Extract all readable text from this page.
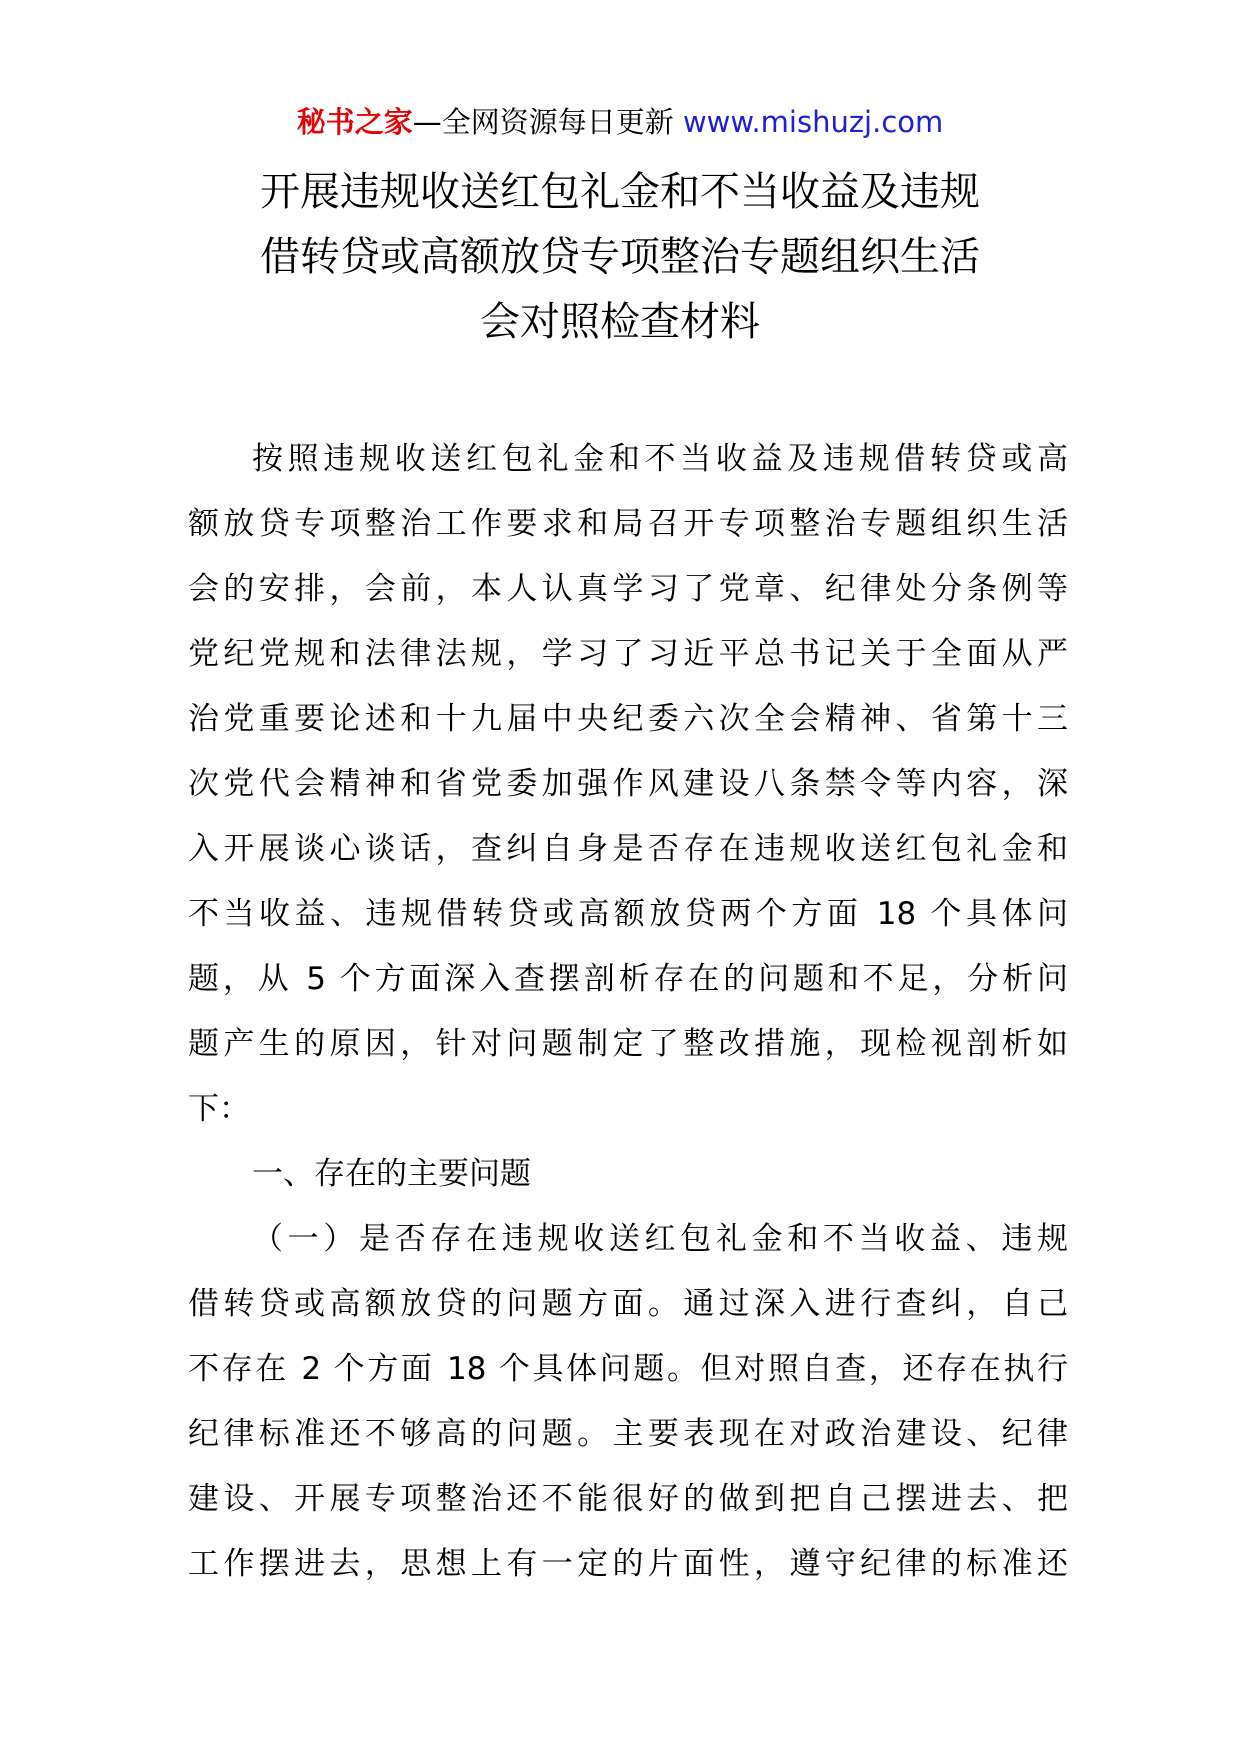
秘书之家—全网资源每日更新 www.mishuzj.com
开展违规收送红包礼金和不当收益及违规
借转贷或高额放贷专项整治专题组织生活
会对照检查材料
按照违规收送红包礼金和不当收益及违规借转贷或高
额放贷专项整治工作要求和局召开专项整治专题组织生活
会的安排，会前，本人认真学习了党章、纪律处分条例等
党纪党规和法律法规，学习了习近平总书记关于全面从严
治党重要论述和十九届中央纪委六次全会精神、省第十三
次党代会精神和省党委加强作风建设八条禁令等内容，深
入开展谈心谈话，查纠自身是否存在违规收送红包礼金和
不当收益、违规借转贷或高额放贷两个方面 18 个具体问
题，从 5 个方面深入查摆剖析存在的问题和不足，分析问
题产生的原因，针对问题制定了整改措施，现检视剖析如
下：
一、存在的主要问题
（一）是否存在违规收送红包礼金和不当收益、违规
借转贷或高额放贷的问题方面。通过深入进行查纠，自己
不存在 2 个方面 18 个具体问题。但对照自查，还存在执行
纪律标准还不够高的问题。主要表现在对政治建设、纪律
建设、开展专项整治还不能很好的做到把自己摆进去、把
工作摆进去，思想上有一定的片面性，遵守纪律的标准还
